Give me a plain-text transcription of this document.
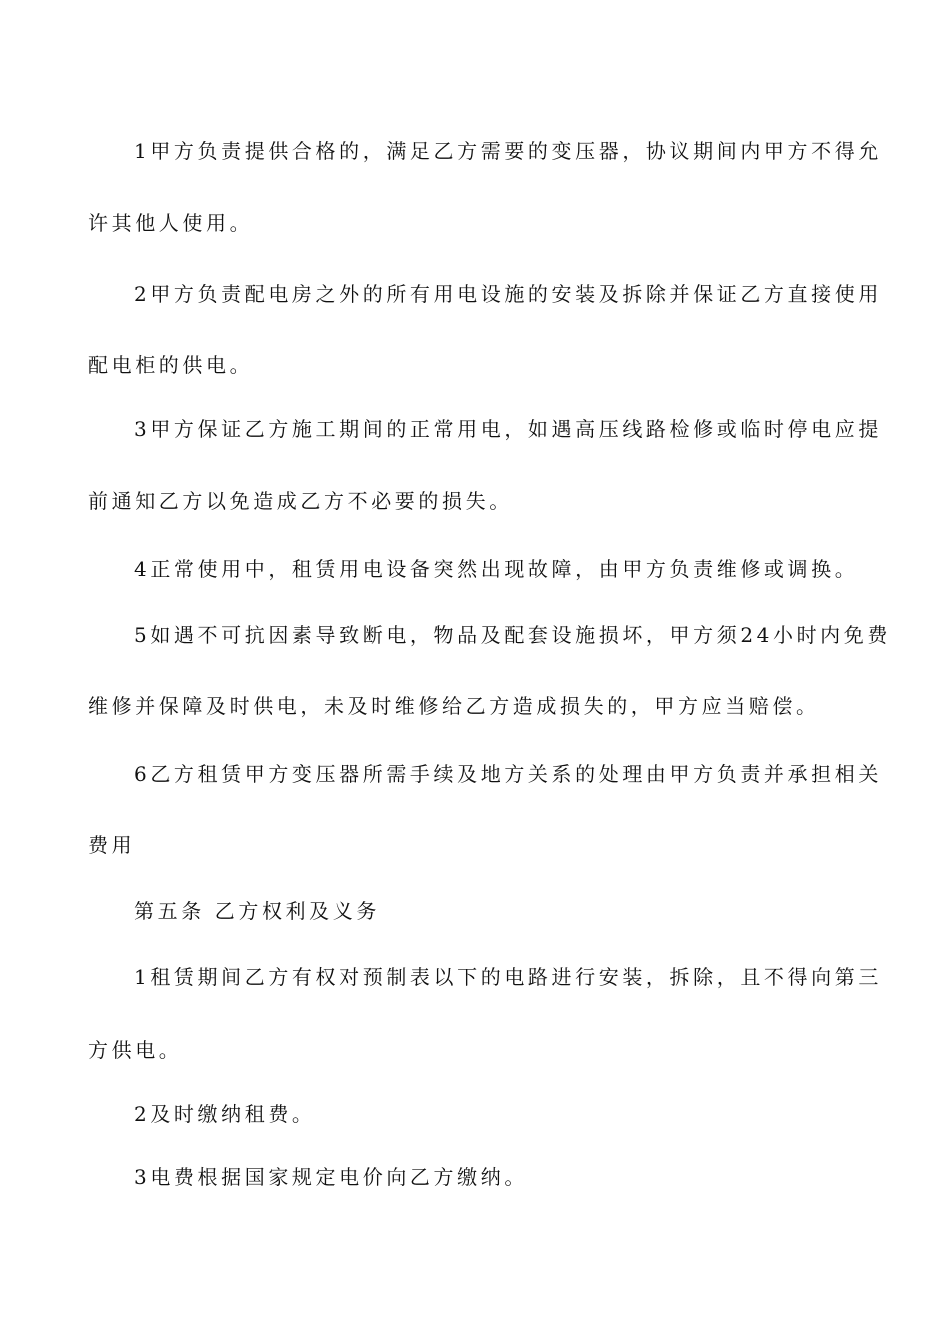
1甲方负责提供合格的，满足乙方需要的变压器，协议期间内甲方不得允
许其他人使用。
2甲方负责配电房之外的所有用电设施的安装及拆除并保证乙方直接使用
配电柜的供电。
3甲方保证乙方施工期间的正常用电，如遇高压线路检修或临时停电应提
前通知乙方以免造成乙方不必要的损失。
4正常使用中，租赁用电设备突然出现故障，由甲方负责维修或调换。
5如遇不可抗因素导致断电，物品及配套设施损坏，甲方须24小时内免费
维修并保障及时供电，未及时维修给乙方造成损失的，甲方应当赔偿。
6乙方租赁甲方变压器所需手续及地方关系的处理由甲方负责并承担相关
费用
第五条 乙方权利及义务
1租赁期间乙方有权对预制表以下的电路进行安装，拆除，且不得向第三
方供电。
2及时缴纳租费。
3电费根据国家规定电价向乙方缴纳。
